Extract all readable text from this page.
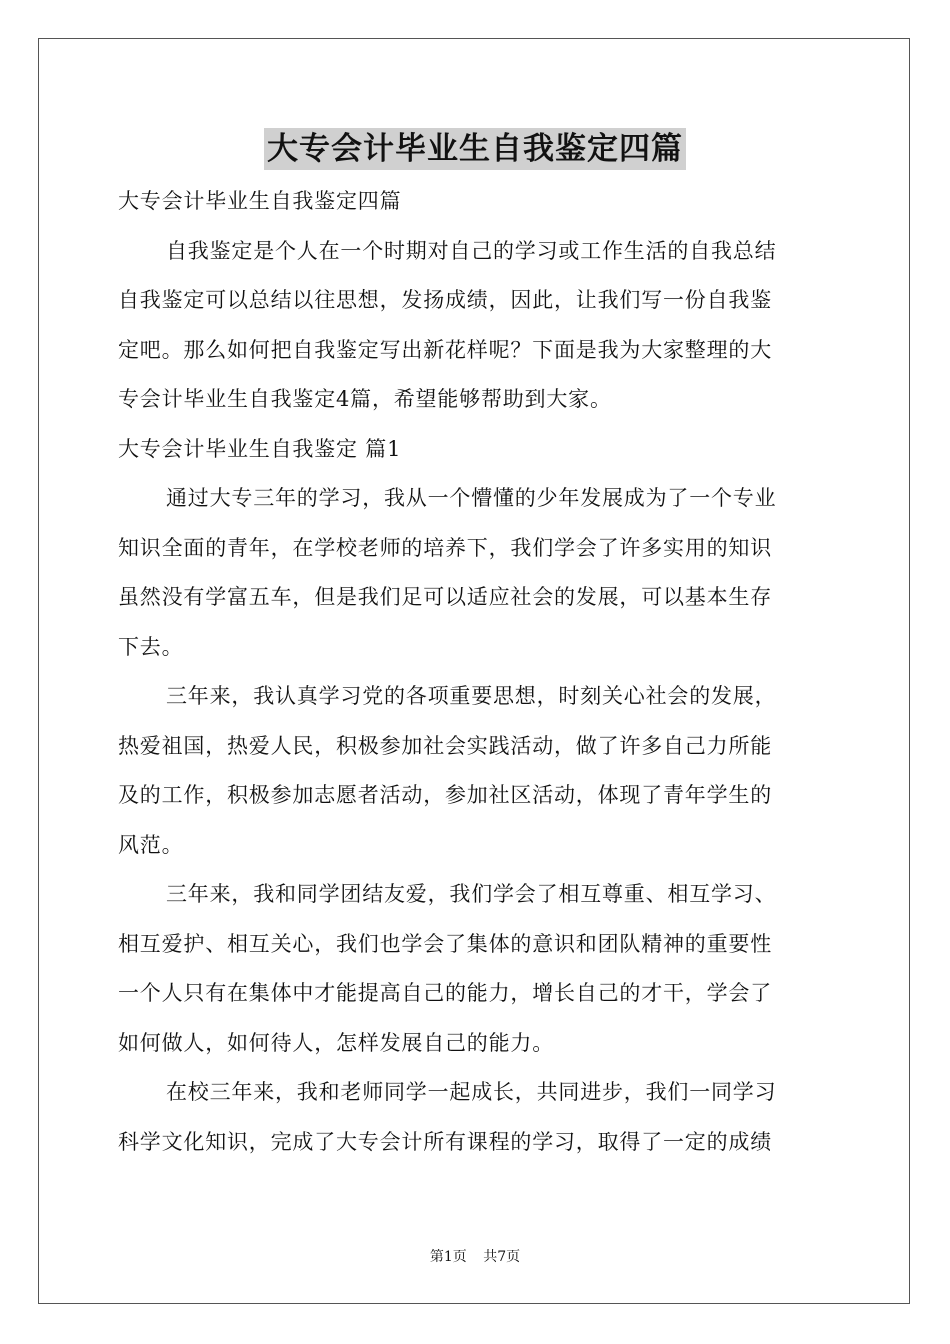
大专会计毕业生自我鉴定四篇
大专会计毕业生自我鉴定四篇
自我鉴定是个人在一个时期对自己的学习或工作生活的自我总结
自我鉴定可以总结以往思想，发扬成绩，因此，让我们写一份自我鉴
定吧。那么如何把自我鉴定写出新花样呢？下面是我为大家整理的大
专会计毕业生自我鉴定4篇，希望能够帮助到大家。
大专会计毕业生自我鉴定 篇1
通过大专三年的学习，我从一个懵懂的少年发展成为了一个专业
知识全面的青年，在学校老师的培养下，我们学会了许多实用的知识
虽然没有学富五车，但是我们足可以适应社会的发展，可以基本生存
下去。
三年来，我认真学习党的各项重要思想，时刻关心社会的发展，
热爱祖国，热爱人民，积极参加社会实践活动，做了许多自己力所能
及的工作，积极参加志愿者活动，参加社区活动，体现了青年学生的
风范。
三年来，我和同学团结友爱，我们学会了相互尊重、相互学习、
相互爱护、相互关心，我们也学会了集体的意识和团队精神的重要性
一个人只有在集体中才能提高自己的能力，增长自己的才干，学会了
如何做人，如何待人，怎样发展自己的能力。
在校三年来，我和老师同学一起成长，共同进步，我们一同学习
科学文化知识，完成了大专会计所有课程的学习，取得了一定的成绩
第1页 共7页
